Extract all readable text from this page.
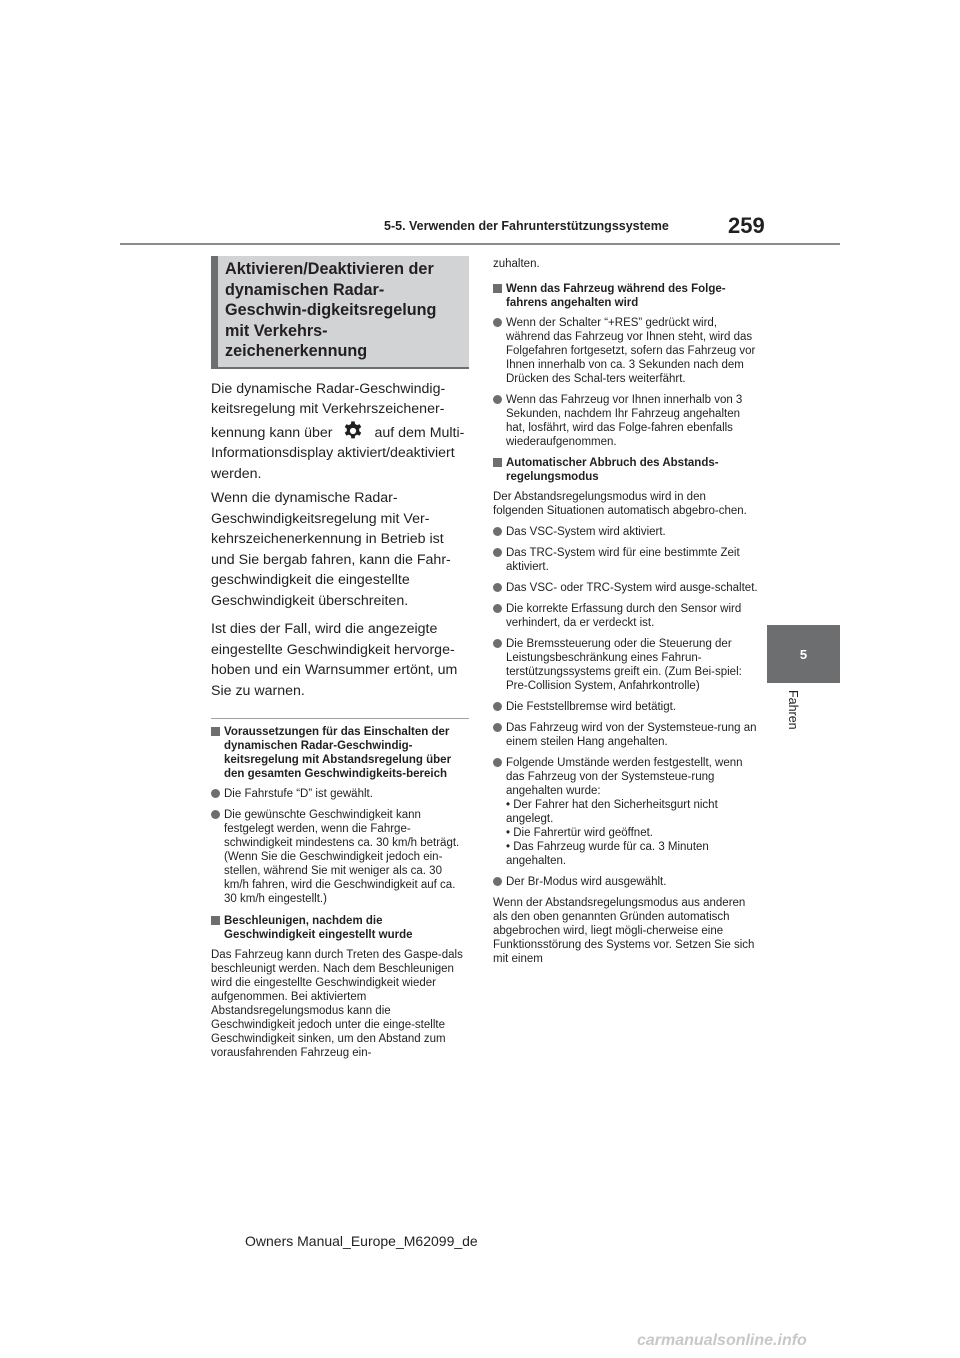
5-5. Verwenden der Fahrunterstützungssysteme	259
5
Fahren
Aktivieren/Deaktivieren der dynamischen Radar-Geschwin-digkeitsregelung mit Verkehrs-zeichenerkennung

Die dynamische Radar-Geschwindig-keitsregelung mit Verkehrszeichener-kennung kann über	auf dem Multi-Informationsdisplay aktiviert/deaktiviert werden.

Wenn die dynamische Radar-Geschwindigkeitsregelung mit Ver-kehrszeichenerkennung in Betrieb ist und Sie bergab fahren, kann die Fahr-geschwindigkeit die eingestellte Geschwindigkeit überschreiten.

Ist dies der Fall, wird die angezeigte eingestellte Geschwindigkeit hervorge-hoben und ein Warnsummer ertönt, um Sie zu warnen.

Voraussetzungen für das Einschalten der dynamischen Radar-Geschwindig-keitsregelung mit Abstandsregelung über den gesamten Geschwindigkeits-bereich
Die Fahrstufe “D” ist gewählt.
Die gewünschte Geschwindigkeit kann festgelegt werden, wenn die Fahrge-schwindigkeit mindestens ca. 30 km/h beträgt.
(Wenn Sie die Geschwindigkeit jedoch ein-stellen, während Sie mit weniger als ca. 30 km/h fahren, wird die Geschwindigkeit auf ca. 30 km/h eingestellt.)
Beschleunigen, nachdem die Geschwindigkeit eingestellt wurde

Das Fahrzeug kann durch Treten des Gaspe-dals beschleunigt werden. Nach dem Beschleunigen wird die eingestellte Geschwindigkeit wieder aufgenommen. Bei aktiviertem Abstandsregelungsmodus kann die Geschwindigkeit jedoch unter die einge-stellte Geschwindigkeit sinken, um den Abstand zum vorausfahrenden Fahrzeug ein-

zuhalten.

Wenn das Fahrzeug während des Folge-fahrens angehalten wird
Wenn der Schalter “+RES” gedrückt wird, während das Fahrzeug vor Ihnen steht, wird das Folgefahren fortgesetzt, sofern das Fahrzeug vor Ihnen innerhalb von ca. 3 Sekunden nach dem Drücken des Schal-ters weiterfährt.
Wenn das Fahrzeug vor Ihnen innerhalb von 3 Sekunden, nachdem Ihr Fahrzeug angehalten hat, losfährt, wird das Folge-fahren ebenfalls wiederaufgenommen.
Automatischer Abbruch des Abstands-regelungsmodus

Der Abstandsregelungsmodus wird in den folgenden Situationen automatisch abgebro-chen.

Das VSC-System wird aktiviert.
Das TRC-System wird für eine bestimmte Zeit aktiviert.
Das VSC- oder TRC-System wird ausge-schaltet.
Die korrekte Erfassung durch den Sensor wird verhindert, da er verdeckt ist.
Die Bremssteuerung oder die Steuerung der Leistungsbeschränkung eines Fahrun-terstützungssystems greift ein. (Zum Bei-spiel: Pre-Collision System, Anfahrkontrolle)
Die Feststellbremse wird betätigt.
Das Fahrzeug wird von der Systemsteue-rung an einem steilen Hang angehalten.
Folgende Umstände werden festgestellt, wenn das Fahrzeug von der Systemsteue-rung angehalten wurde:
• Der Fahrer hat den Sicherheitsgurt nicht angelegt.
• Die Fahrertür wird geöffnet.
• Das Fahrzeug wurde für ca. 3 Minuten angehalten.
Der Br-Modus wird ausgewählt.

Wenn der Abstandsregelungsmodus aus anderen als den oben genannten Gründen automatisch abgebrochen wird, liegt mögli-cherweise eine Funktionsstörung des Systems vor. Setzen Sie sich mit einem

Owners Manual_Europe_M62099_de
carmanualsonline.info
